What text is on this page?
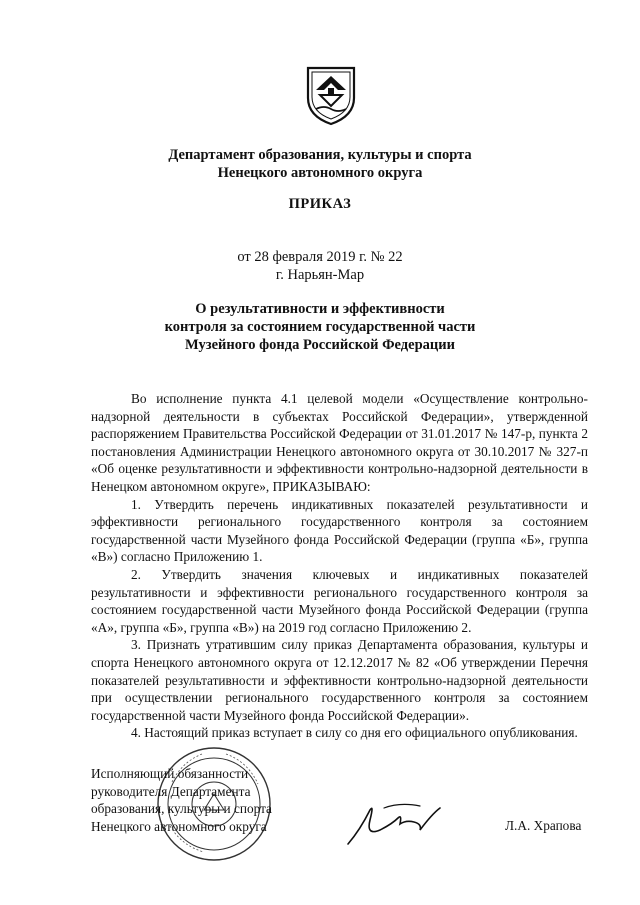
Департамент образования, культуры и спорта
Ненецкого автономного округа
ПРИКАЗ
от 28 февраля 2019 г. № 22
г. Нарьян-Мар
О результативности и эффективности
контроля за состоянием государственной части
Музейного фонда Российской Федерации

Во исполнение пункта 4.1 целевой модели «Осуществление контрольно-надзорной деятельности в субъектах Российской Федерации», утвержденной распоряжением Правительства Российской Федерации от 31.01.2017 № 147-р, пункта 2 постановления Администрации Ненецкого автономного округа от 30.10.2017 № 327-п «Об оценке результативности и эффективности контрольно-надзорной деятельности в Ненецком автономном округе», ПРИКАЗЫВАЮ:

1. Утвердить перечень индикативных показателей результативности и эффективности регионального государственного контроля за состоянием государственной части Музейного фонда Российской Федерации (группа «Б», группа «В») согласно Приложению 1.

2. Утвердить значения ключевых и индикативных показателей результативности и эффективности регионального государственного контроля за состоянием государственной части Музейного фонда Российской Федерации (группа «А», группа «Б», группа «В») на 2019 год согласно Приложению 2.

3. Признать утратившим силу приказ Департамента образования, культуры и спорта Ненецкого автономного округа от 12.12.2017 № 82 «Об утверждении Перечня показателей результативности и эффективности контрольно-надзорной деятельности при осуществлении регионального государственного контроля за состоянием государственной части Музейного фонда Российской Федерации».

4. Настоящий приказ вступает в силу со дня его официального опубликования.

Исполняющий обязанности
руководителя Департамента
образования, культуры и спорта
Ненецкого автономного округа	Л.А. Храпова
